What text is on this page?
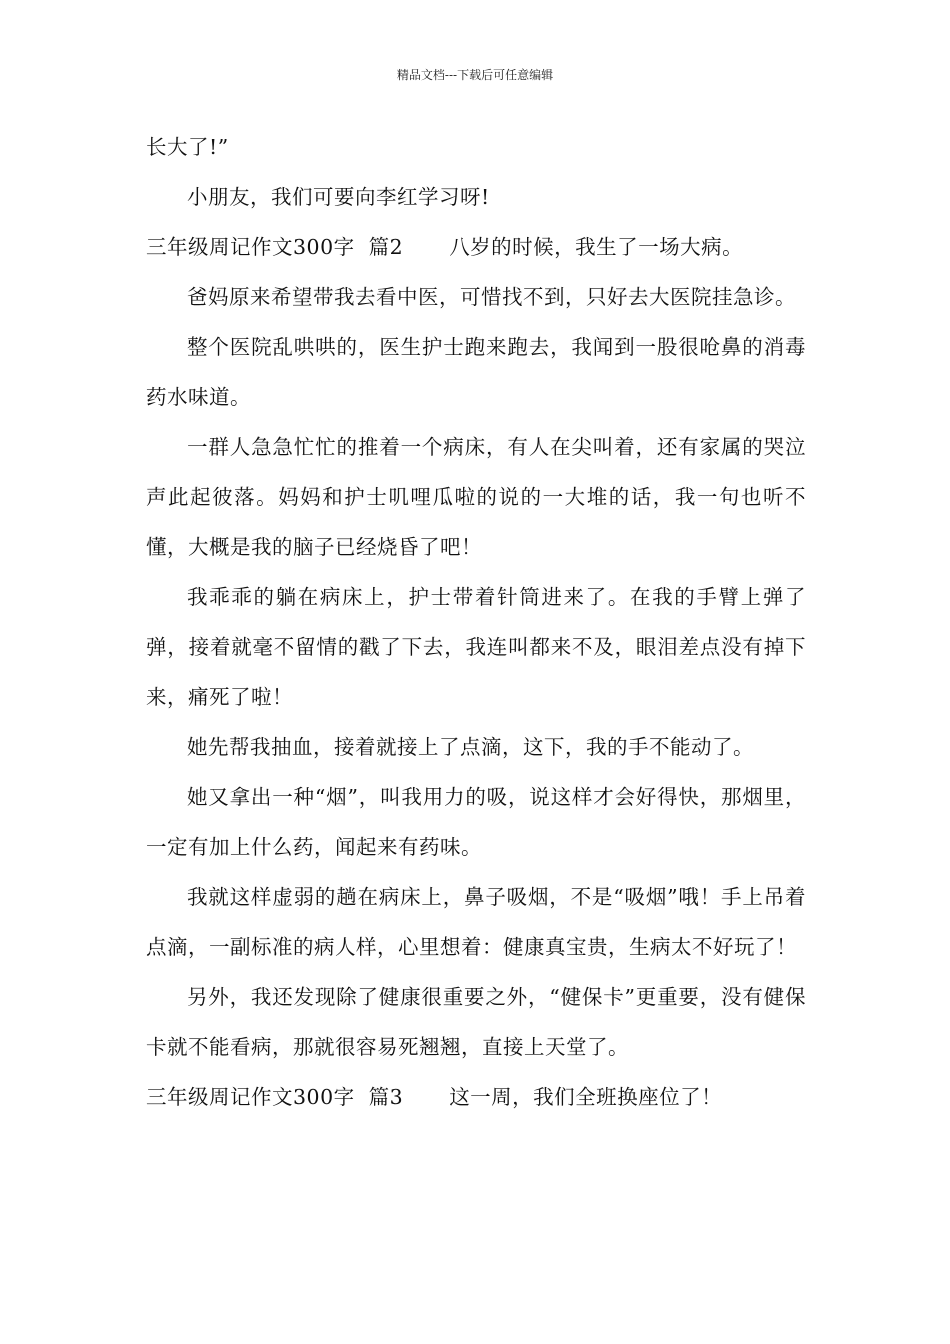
精品文档---下载后可任意编辑

长大了!”

小朋友，我们可要向李红学习呀!

三年级周记作文300字 篇2 八岁的时候，我生了一场大病。

爸妈原来希望带我去看中医，可惜找不到，只好去大医院挂急诊。

整个医院乱哄哄的，医生护士跑来跑去，我闻到一股很呛鼻的消毒药水味道。

一群人急急忙忙的推着一个病床，有人在尖叫着，还有家属的哭泣声此起彼落。妈妈和护士叽哩瓜啦的说的一大堆的话，我一句也听不懂，大概是我的脑子已经烧昏了吧！

我乖乖的躺在病床上，护士带着针筒进来了。在我的手臂上弹了弹，接着就毫不留情的戳了下去，我连叫都来不及，眼泪差点没有掉下来，痛死了啦！

她先帮我抽血，接着就接上了点滴，这下，我的手不能动了。

她又拿出一种“烟”，叫我用力的吸，说这样才会好得快，那烟里，一定有加上什么药，闻起来有药味。

我就这样虚弱的趟在病床上，鼻子吸烟，不是“吸烟”哦！手上吊着点滴，一副标准的病人样，心里想着：健康真宝贵，生病太不好玩了！

另外，我还发现除了健康很重要之外，“健保卡”更重要，没有健保卡就不能看病，那就很容易死翘翘，直接上天堂了。

三年级周记作文300字 篇3 这一周，我们全班换座位了！
